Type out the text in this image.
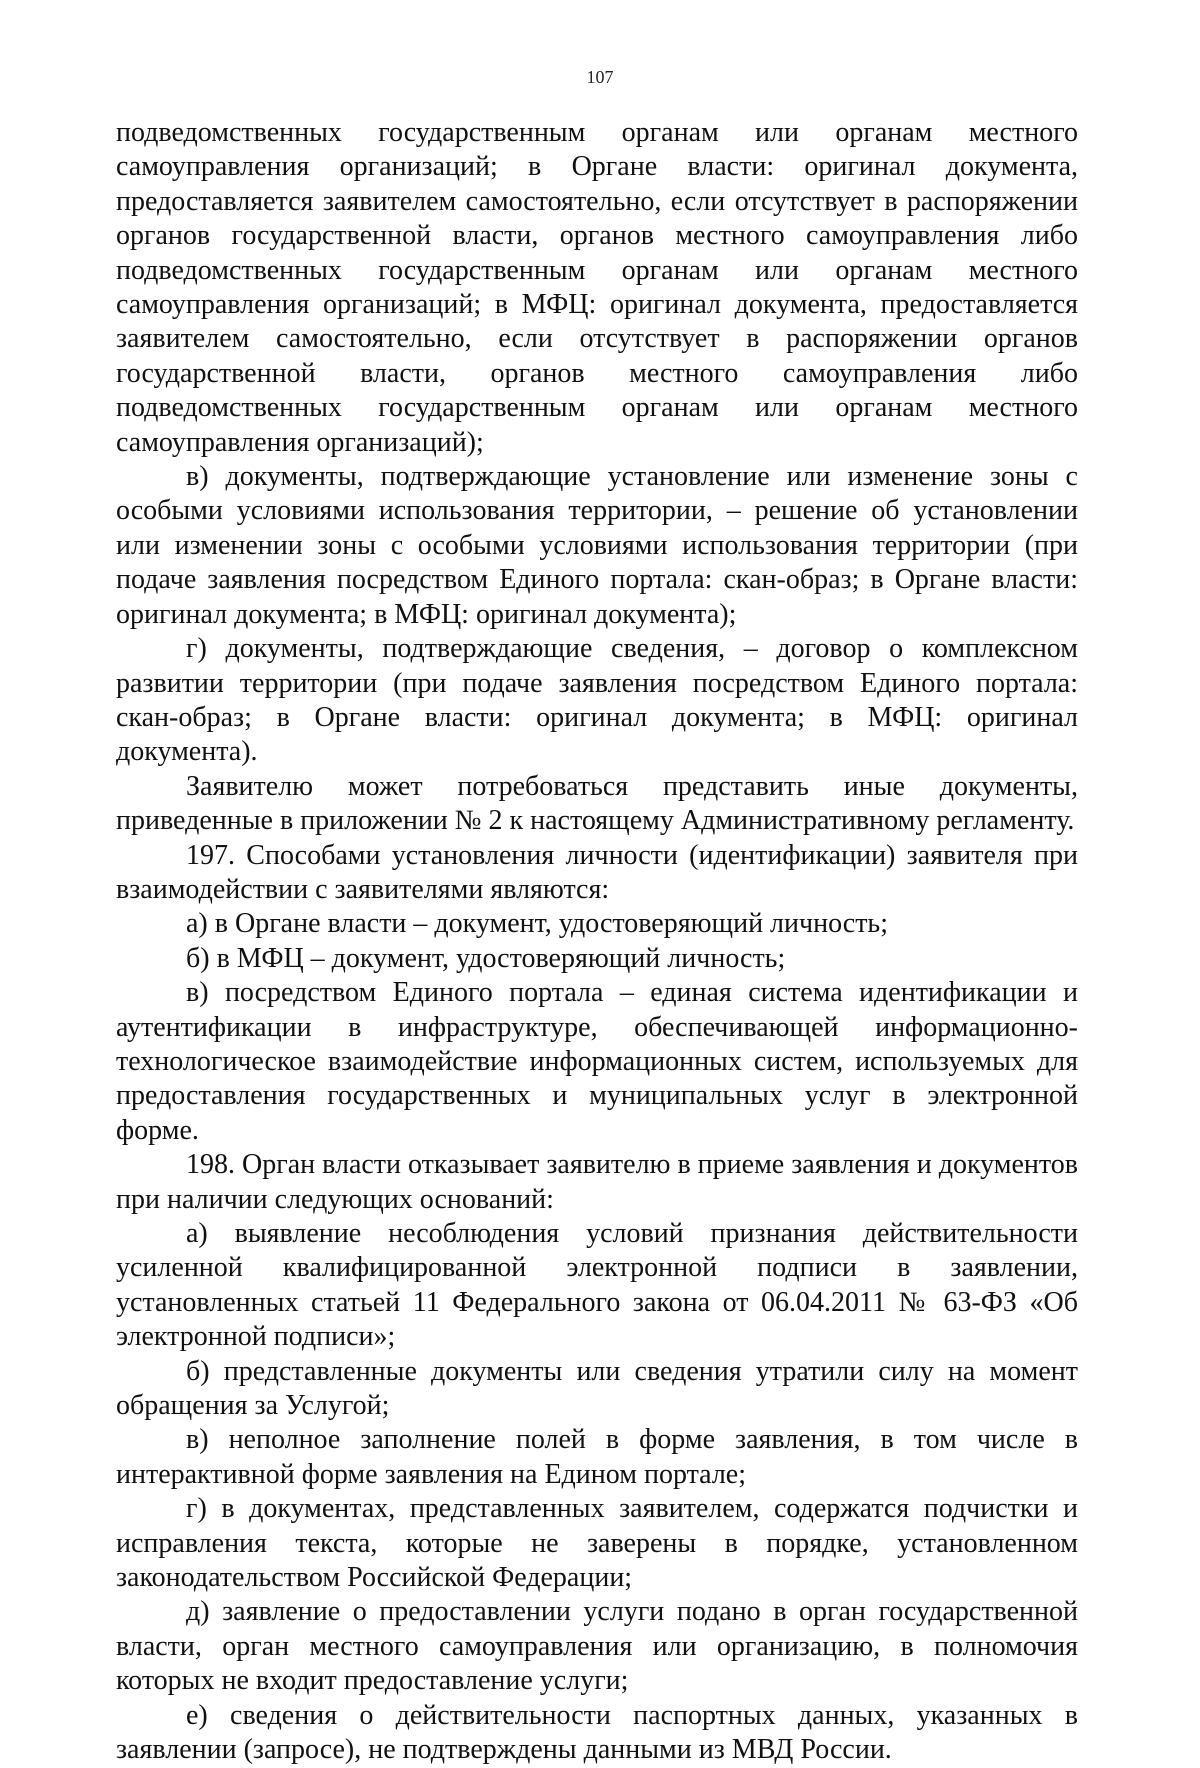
107

подведомственных государственным органам или органам местного самоуправления организаций; в Органе власти: оригинал документа, предоставляется заявителем самостоятельно, если отсутствует в распоряжении органов государственной власти, органов местного самоуправления либо подведомственных государственным органам или органам местного самоуправления организаций; в МФЦ: оригинал документа, предоставляется заявителем самостоятельно, если отсутствует в распоряжении органов государственной власти, органов местного самоуправления либо подведомственных государственным органам или органам местного самоуправления организаций);

в) документы, подтверждающие установление или изменение зоны с особыми условиями использования территории, – решение об установлении или изменении зоны с особыми условиями использования территории (при подаче заявления посредством Единого портала: скан-образ; в Органе власти: оригинал документа; в МФЦ: оригинал документа);

г) документы, подтверждающие сведения, – договор о комплексном развитии территории (при подаче заявления посредством Единого портала: скан-образ; в Органе власти: оригинал документа; в МФЦ: оригинал документа).

Заявителю может потребоваться представить иные документы, приведенные в приложении № 2 к настоящему Административному регламенту.

197. Способами установления личности (идентификации) заявителя при взаимодействии с заявителями являются:

а) в Органе власти – документ, удостоверяющий личность;

б) в МФЦ – документ, удостоверяющий личность;

в) посредством Единого портала – единая система идентификации и аутентификации в инфраструктуре, обеспечивающей информационно-технологическое взаимодействие информационных систем, используемых для предоставления государственных и муниципальных услуг в электронной форме.

198. Орган власти отказывает заявителю в приеме заявления и документов при наличии следующих оснований:

а) выявление несоблюдения условий признания действительности усиленной квалифицированной электронной подписи в заявлении, установленных статьей 11 Федерального закона от 06.04.2011 № 63-ФЗ «Об электронной подписи»;

б) представленные документы или сведения утратили силу на момент обращения за Услугой;

в) неполное заполнение полей в форме заявления, в том числе в интерактивной форме заявления на Едином портале;

г) в документах, представленных заявителем, содержатся подчистки и исправления текста, которые не заверены в порядке, установленном законодательством Российской Федерации;

д) заявление о предоставлении услуги подано в орган государственной власти, орган местного самоуправления или организацию, в полномочия которых не входит предоставление услуги;

е) сведения о действительности паспортных данных, указанных в заявлении (запросе), не подтверждены данными из МВД России.
